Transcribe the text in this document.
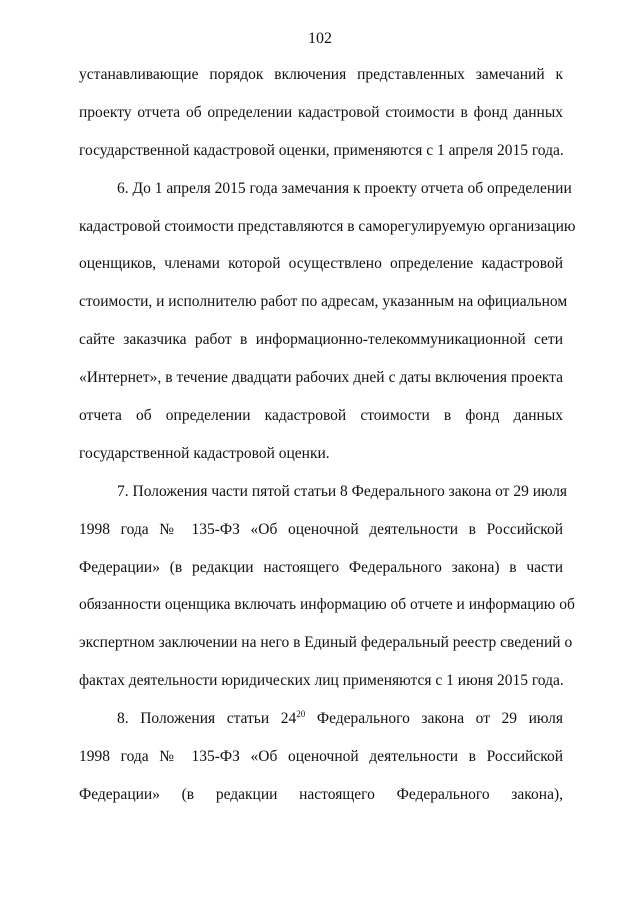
102
устанавливающие порядок включения представленных замечаний к
проекту отчета об определении кадастровой стоимости в фонд данных
государственной кадастровой оценки, применяются с 1 апреля 2015 года.
6. До 1 апреля 2015 года замечания к проекту отчета об определении
кадастровой стоимости представляются в саморегулируемую организацию
оценщиков, членами которой осуществлено определение кадастровой
стоимости, и исполнителю работ по адресам, указанным на официальном
сайте заказчика работ в информационно-телекоммуникационной сети
«Интернет», в течение двадцати рабочих дней с даты включения проекта
отчета об определении кадастровой стоимости в фонд данных
государственной кадастровой оценки.
7. Положения части пятой статьи 8 Федерального закона от 29 июля
1998 года № 135-ФЗ «Об оценочной деятельности в Российской
Федерации» (в редакции настоящего Федерального закона) в части
обязанности оценщика включать информацию об отчете и информацию об
экспертном заключении на него в Единый федеральный реестр сведений о
фактах деятельности юридических лиц применяются с 1 июня 2015 года.
8. Положения статьи $24^{20}$ Федерального закона от 29 июля
1998 года № 135-ФЗ «Об оценочной деятельности в Российской
Федерации» (в редакции настоящего Федерального закона),
